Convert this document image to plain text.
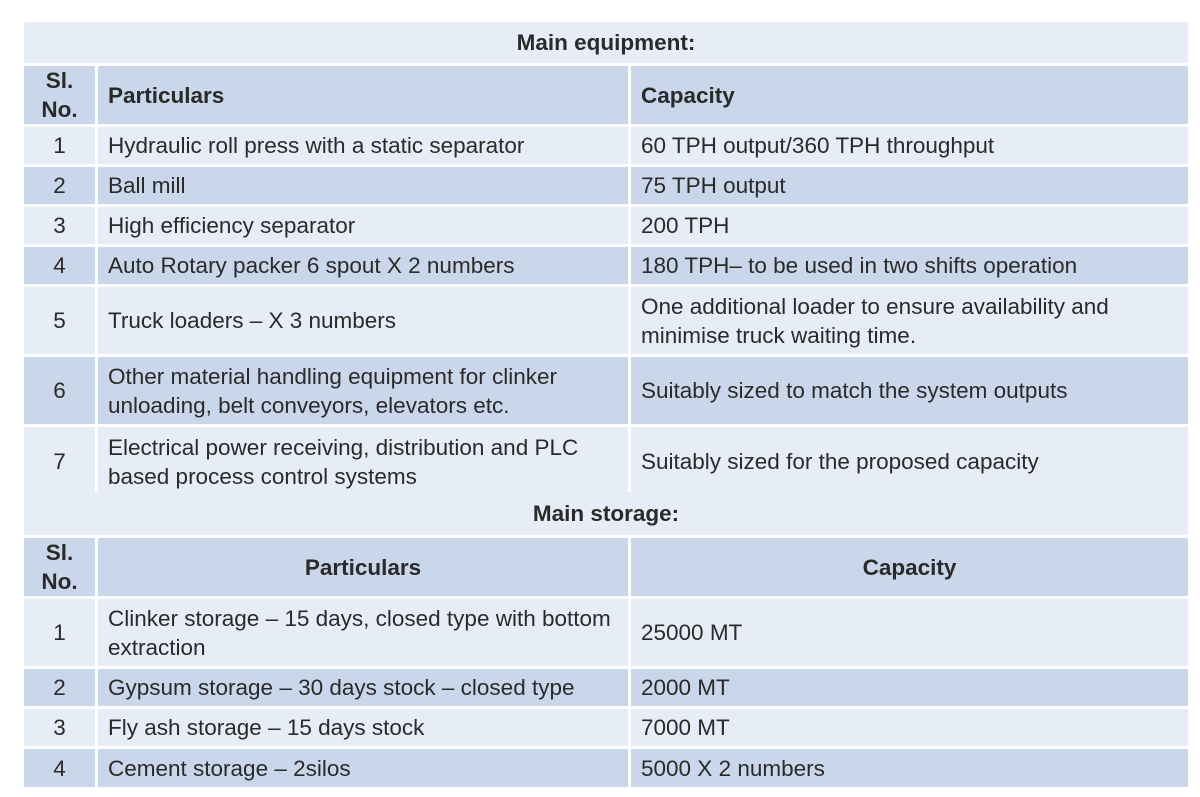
Main equipment:		
Sl. No.	Particulars	Capacity
1	Hydraulic roll press with a static separator	60 TPH output/360 TPH throughput
2	Ball mill	75 TPH output
3	High efficiency separator	200 TPH
4	Auto Rotary packer 6 spout X 2 numbers	180 TPH– to be used in two shifts operation
5	Truck loaders – X 3 numbers	One additional loader to ensure availability and minimise truck waiting time.
6	Other material handling equipment for clinker unloading, belt conveyors, elevators etc.	Suitably sized to match the system outputs
7	Electrical power receiving, distribution and PLC based process control systems	Suitably sized for the proposed capacity
Main storage:		
Sl. No.	Particulars	Capacity
1	Clinker storage – 15 days, closed type with bottom extraction	25000 MT
2	Gypsum storage – 30 days stock – closed type	2000 MT
3	Fly ash storage – 15 days stock	7000 MT
4	Cement storage – 2silos	5000 X 2 numbers
